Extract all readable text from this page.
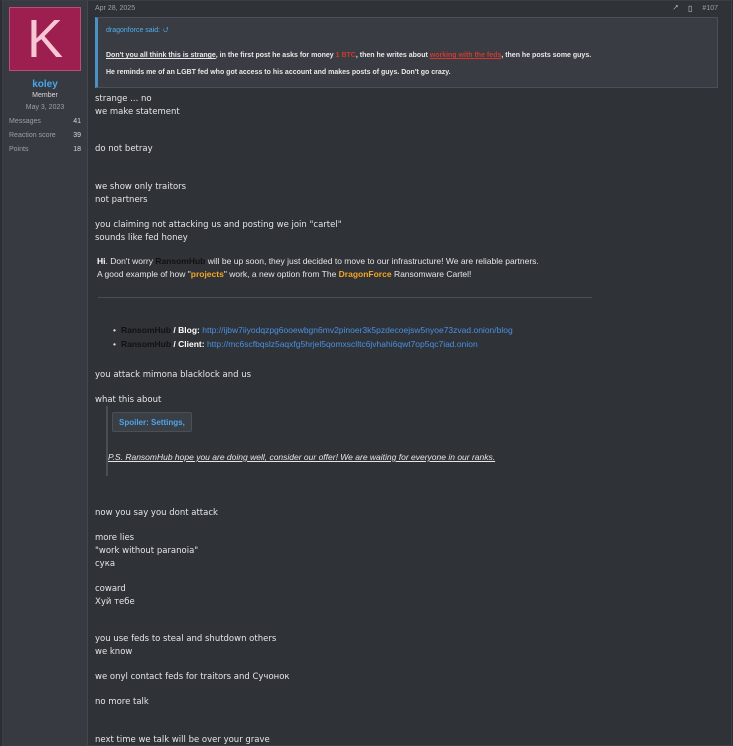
K
koley
Member
May 3, 2023
Messages	41
Reaction score	39
Points	18
Apr 28, 2025	⭧ ▯ #107
dragonforce said: ⮍
Don't you all think this is strange, in the first post he asks for money 1 BTC, then he writes about working with the feds, then he posts some guys.
He reminds me of an LGBT fed who got access to his account and makes posts of guys. Don't go crazy.
strange ... no
we make statement
do not betray
we show only traitors
not partners
you claiming not attacking us and posting we join "cartel"
sounds like fed honey
Hi. Don't worry RansomHub will be up soon, they just decided to move to our infrastructure! We are reliable partners.
A good example of how "projects" work, a new option from The DragonForce Ransomware Cartel!
• RansomHub / Blog: http://ijbw7iiyodqzpg6ooewbgn6mv2pinoer3k5pzdecoejsw5nyoe73zvad.onion/blog
• RansomHub / Client: http://mc6scfbqslz5aqxfg5hrjel5qomxsclltc6jvhahi6qwt7op5qc7iad.onion
you attack mimona blacklock and us
what this about
Spoiler: Settings,
P.S. RansomHub hope you are doing well, consider our offer! We are waiting for everyone in our ranks.
now you say you dont attack
more lies
"work without paranoia"
сука
coward
Хуй тебе
you use feds to steal and shutdown others
we know
we onyl contact feds for traitors and Сучонок
no more talk
next time we talk will be over your grave
